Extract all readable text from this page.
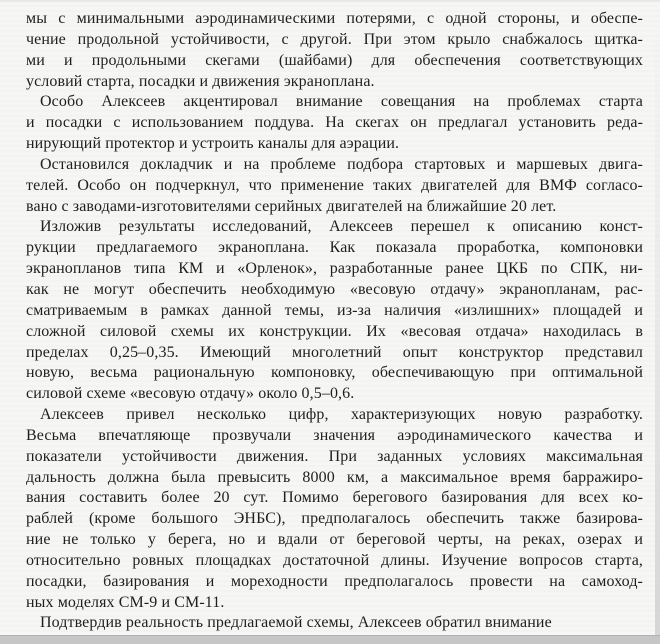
мы с минимальными аэродинамическими потерями, с одной стороны, и обеспе-
чение продольной устойчивости, с другой. При этом крыло снабжалось щитка-
ми и продольными скегами (шайбами) для обеспечения соответствующих
условий старта, посадки и движения экраноплана.
Особо Алексеев акцентировал внимание совещания на проблемах старта
и посадки с использованием поддува. На скегах он предлагал установить реда-
нирующий протектор и устроить каналы для аэрации.
Остановился докладчик и на проблеме подбора стартовых и маршевых двига-
телей. Особо он подчеркнул, что применение таких двигателей для ВМФ согласо-
вано с заводами-изготовителями серийных двигателей на ближайшие 20 лет.
Изложив результаты исследований, Алексеев перешел к описанию конст-
рукции предлагаемого экраноплана. Как показала проработка, компоновки
экранопланов типа КМ и «Орленок», разработанные ранее ЦКБ по СПК, ни-
как не могут обеспечить необходимую «весовую отдачу» экранопланам, рас-
сматриваемым в рамках данной темы, из-за наличия «излишних» площадей и
сложной силовой схемы их конструкции. Их «весовая отдача» находилась в
пределах 0,25–0,35. Имеющий многолетний опыт конструктор представил
новую, весьма рациональную компоновку, обеспечивающую при оптимальной
силовой схеме «весовую отдачу» около 0,5–0,6.
Алексеев привел несколько цифр, характеризующих новую разработку.
Весьма впечатляюще прозвучали значения аэродинамического качества и
показатели устойчивости движения. При заданных условиях максимальная
дальность должна была превысить 8000 км, а максимальное время барражиро-
вания составить более 20 сут. Помимо берегового базирования для всех ко-
раблей (кроме большого ЭНБС), предполагалось обеспечить также базирова-
ние не только у берега, но и вдали от береговой черты, на реках, озерах и
относительно ровных площадках достаточной длины. Изучение вопросов старта,
посадки, базирования и мореходности предполагалось провести на самоход-
ных моделях СМ-9 и СМ-11.
Подтвердив реальность предлагаемой схемы, Алексеев обратил внимание
